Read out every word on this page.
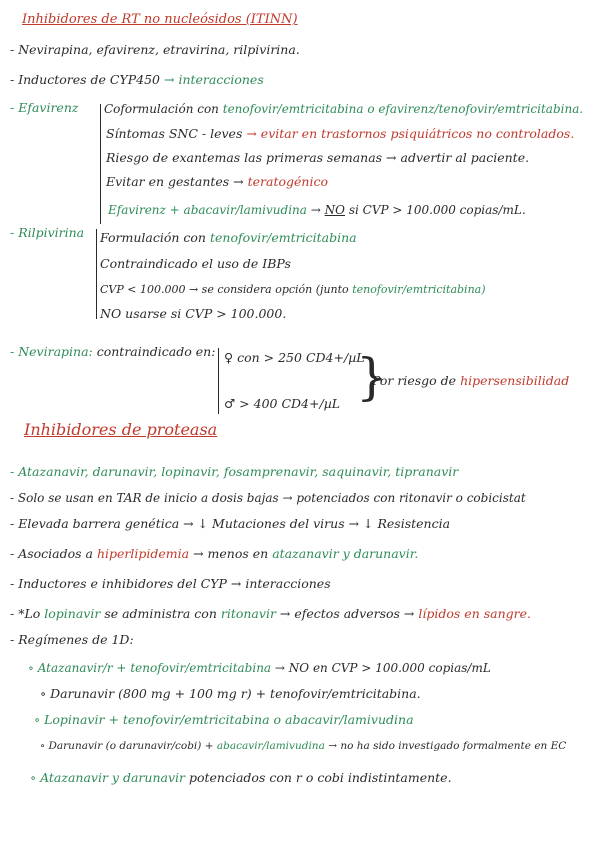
Inhibidores de RT no nucleósidos (ITINN)
- Nevirapina, efavirenz, etravirina, rilpivirina.
- Inductores de CYP450 → interacciones
- Efavirenz Coformulación con tenofovir/emtricitabina o efavirenz/tenofovir/emtricitabina.
Síntomas SNC - leves → evitar en trastornos psiquiátricos no controlados.
Riesgo de exantemas las primeras semanas → advertir al paciente.
Evitar en gestantes → teratogénico
Efavirenz + abacavir/lamivudina → NO si CVP > 100.000 copias/mL.
- Rilpivirina Formulación con tenofovir/emtricitabina
Contraindicado el uso de IBPs
CVP < 100.000 → se considera opción (junto tenofovir/emtricitabina)
NO usarse si CVP > 100.000.
- Nevirapina: contraindicado en: ♀ con > 250 CD4+/µL
♂ > 400 CD4+/µL }
Por riesgo de hipersensibilidad
Inhibidores de proteasa
- Atazanavir, darunavir, lopinavir, fosamprenavir, saquinavir, tipranavir
- Solo se usan en TAR de inicio a dosis bajas → potenciados con ritonavir o cobicistat
- Elevada barrera genética → ↓ Mutaciones del virus → ↓ Resistencia
- Asociados a hiperlipidemia → menos en atazanavir y darunavir.
- Inductores e inhibidores del CYP → interacciones
- *Lo lopinavir se administra con ritonavir → efectos adversos → lípidos en sangre.
- Regímenes de 1D:
∘ Atazanavir/r + tenofovir/emtricitabina → NO en CVP > 100.000 copias/mL
∘ Darunavir (800 mg + 100 mg r) + tenofovir/emtricitabina.
∘ Lopinavir + tenofovir/emtricitabina o abacavir/lamivudina
∘ Darunavir (o darunavir/cobi) + abacavir/lamivudina → no ha sido investigado formalmente en EC
∘ Atazanavir y darunavir potenciados con r o cobi indistintamente.
